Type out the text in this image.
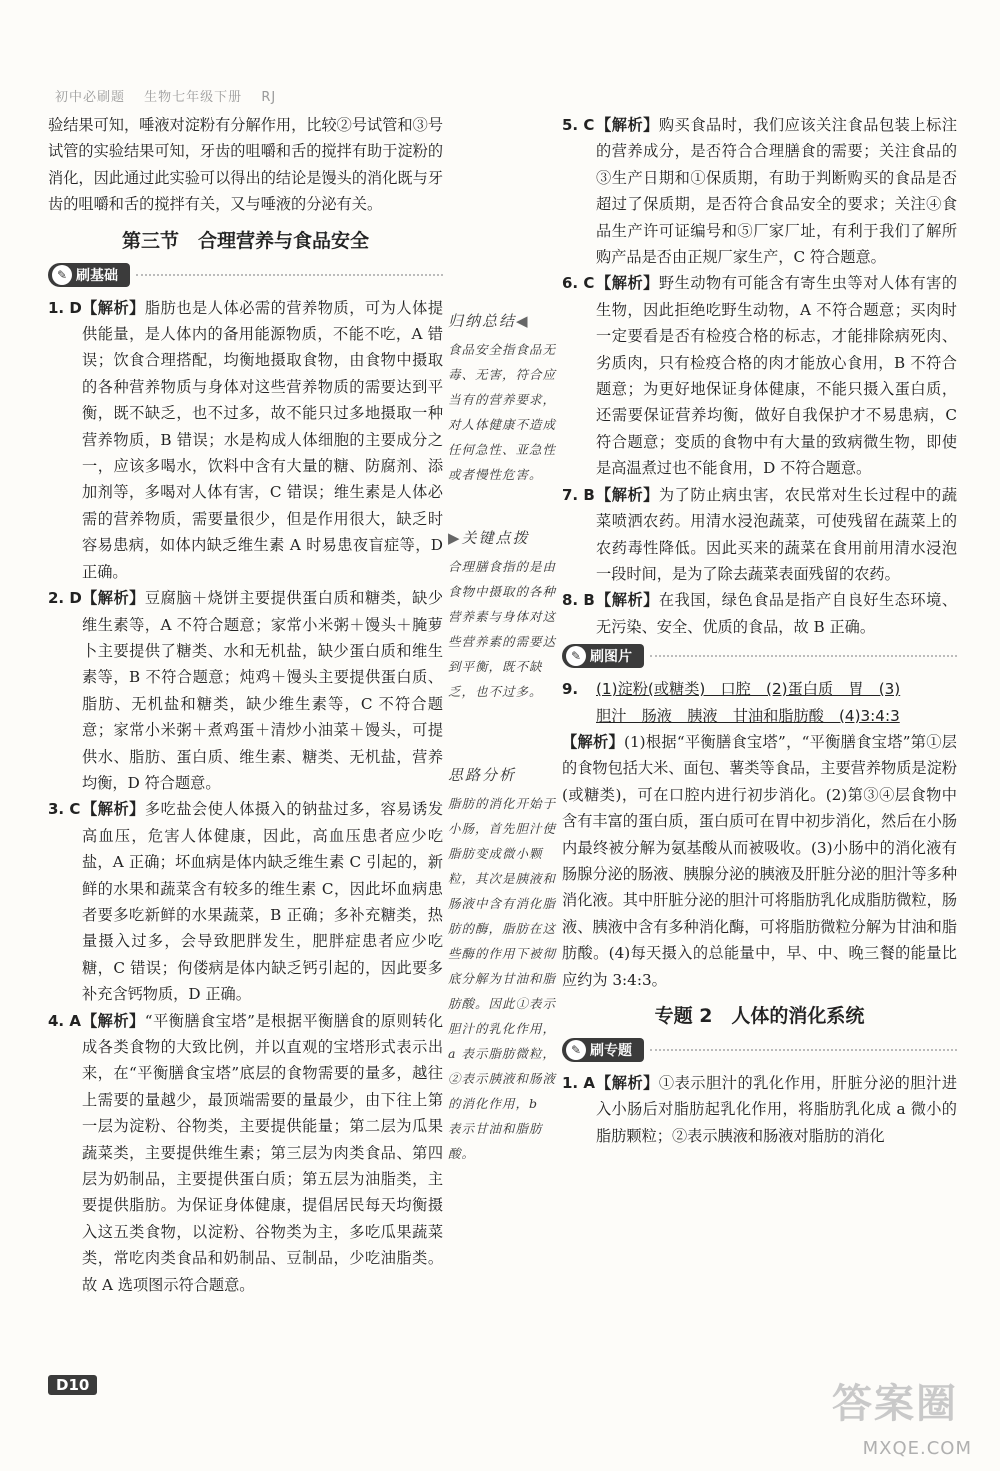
初中必刷题 生物七年级下册 RJ

验结果可知，唾液对淀粉有分解作用，比较②号试管和③号试管的实验结果可知，牙齿的咀嚼和舌的搅拌有助于淀粉的消化，因此通过此实验可以得出的结论是馒头的消化既与牙齿的咀嚼和舌的搅拌有关，又与唾液的分泌有关。

第三节　合理营养与食品安全
✎ 刷基础
1. D 【解析】脂肪也是人体必需的营养物质，可为人体提供能量，是人体内的备用能源物质，不能不吃，A 错误；饮食合理搭配，均衡地摄取食物，由食物中摄取的各种营养物质与身体对这些营养物质的需要达到平衡，既不缺乏，也不过多，故不能只过多地摄取一种营养物质，B 错误；水是构成人体细胞的主要成分之一，应该多喝水，饮料中含有大量的糖、防腐剂、添加剂等，多喝对人体有害，C 错误；维生素是人体必需的营养物质，需要量很少，但是作用很大，缺乏时容易患病，如体内缺乏维生素 A 时易患夜盲症等，D 正确。
2. D 【解析】豆腐脑＋烧饼主要提供蛋白质和糖类，缺少维生素等，A 不符合题意；家常小米粥＋馒头＋腌萝卜主要提供了糖类、水和无机盐，缺少蛋白质和维生素等，B 不符合题意；炖鸡＋馒头主要提供蛋白质、脂肪、无机盐和糖类，缺少维生素等，C 不符合题意；家常小米粥＋煮鸡蛋＋清炒小油菜＋馒头，可提供水、脂肪、蛋白质、维生素、糖类、无机盐，营养均衡，D 符合题意。
3. C 【解析】多吃盐会使人体摄入的钠盐过多，容易诱发高血压，危害人体健康，因此，高血压患者应少吃盐，A 正确；坏血病是体内缺乏维生素 C 引起的，新鲜的水果和蔬菜含有较多的维生素 C，因此坏血病患者要多吃新鲜的水果蔬菜，B 正确；多补充糖类，热量摄入过多，会导致肥胖发生，肥胖症患者应少吃糖，C 错误；佝偻病是体内缺乏钙引起的，因此要多补充含钙物质，D 正确。
4. A 【解析】“平衡膳食宝塔”是根据平衡膳食的原则转化成各类食物的大致比例，并以直观的宝塔形式表示出来，在“平衡膳食宝塔”底层的食物需要的量多，越往上需要的量越少，最顶端需要的量最少，由下往上第一层为淀粉、谷物类，主要提供能量；第二层为瓜果蔬菜类，主要提供维生素；第三层为肉类食品、第四层为奶制品，主要提供蛋白质；第五层为油脂类，主要提供脂肪。为保证身体健康，提倡居民每天均衡摄入这五类食物，以淀粉、谷物类为主，多吃瓜果蔬菜类，常吃肉类食品和奶制品、豆制品，少吃油脂类。故 A 选项图示符合题意。
归纳总结◀
食品安全指食品无毒、无害，符合应当有的营养要求，对人体健康不造成任何急性、亚急性或者慢性危害。
▶关键点拨
合理膳食指的是由食物中摄取的各种营养素与身体对这些营养素的需要达到平衡，既不缺乏，也不过多。
思路分析
脂肪的消化开始于小肠，首先胆汁使脂肪变成微小颗粒，其次是胰液和肠液中含有消化脂肪的酶，脂肪在这些酶的作用下被彻底分解为甘油和脂肪酸。因此①表示胆汁的乳化作用，a 表示脂肪微粒，②表示胰液和肠液的消化作用，b 表示甘油和脂肪酸。
5. C 【解析】购买食品时，我们应该关注食品包装上标注的营养成分，是否符合合理膳食的需要；关注食品的③生产日期和①保质期，有助于判断购买的食品是否超过了保质期，是否符合食品安全的要求；关注④食品生产许可证编号和⑤厂家厂址，有利于我们了解所购产品是否由正规厂家生产，C 符合题意。
6. C 【解析】野生动物有可能含有寄生虫等对人体有害的生物，因此拒绝吃野生动物，A 不符合题意；买肉时一定要看是否有检疫合格的标志，才能排除病死肉、劣质肉，只有检疫合格的肉才能放心食用，B 不符合题意；为更好地保证身体健康，不能只摄入蛋白质，还需要保证营养均衡，做好自我保护才不易患病，C 符合题意；变质的食物中有大量的致病微生物，即使是高温煮过也不能食用，D 不符合题意。
7. B 【解析】为了防止病虫害，农民常对生长过程中的蔬菜喷洒农药。用清水浸泡蔬菜，可使残留在蔬菜上的农药毒性降低。因此买来的蔬菜在食用前用清水浸泡一段时间，是为了除去蔬菜表面残留的农药。
8. B 【解析】在我国，绿色食品是指产自良好生态环境、无污染、安全、优质的食品，故 B 正确。
✎ 刷图片
9. (1)淀粉(或糖类)　口腔　(2)蛋白质　胃　(3)
胆汁　肠液　胰液　甘油和脂肪酸　(4)3:4:3

【解析】(1)根据“平衡膳食宝塔”，“平衡膳食宝塔”第①层的食物包括大米、面包、薯类等食品，主要营养物质是淀粉(或糖类)，可在口腔内进行初步消化。(2)第③④层食物中含有丰富的蛋白质，蛋白质可在胃中初步消化，然后在小肠内最终被分解为氨基酸从而被吸收。(3)小肠中的消化液有肠腺分泌的肠液、胰腺分泌的胰液及肝脏分泌的胆汁等多种消化液。其中肝脏分泌的胆汁可将脂肪乳化成脂肪微粒，肠液、胰液中含有多种消化酶，可将脂肪微粒分解为甘油和脂肪酸。(4)每天摄入的总能量中，早、中、晚三餐的能量比应约为 3:4:3。

专题 2　人体的消化系统
✎ 刷专题
1. A 【解析】①表示胆汁的乳化作用，肝脏分泌的胆汁进入小肠后对脂肪起乳化作用，将脂肪乳化成 a 微小的脂肪颗粒；②表示胰液和肠液对脂肪的消化
D10	答案圈
MXQE.COM
